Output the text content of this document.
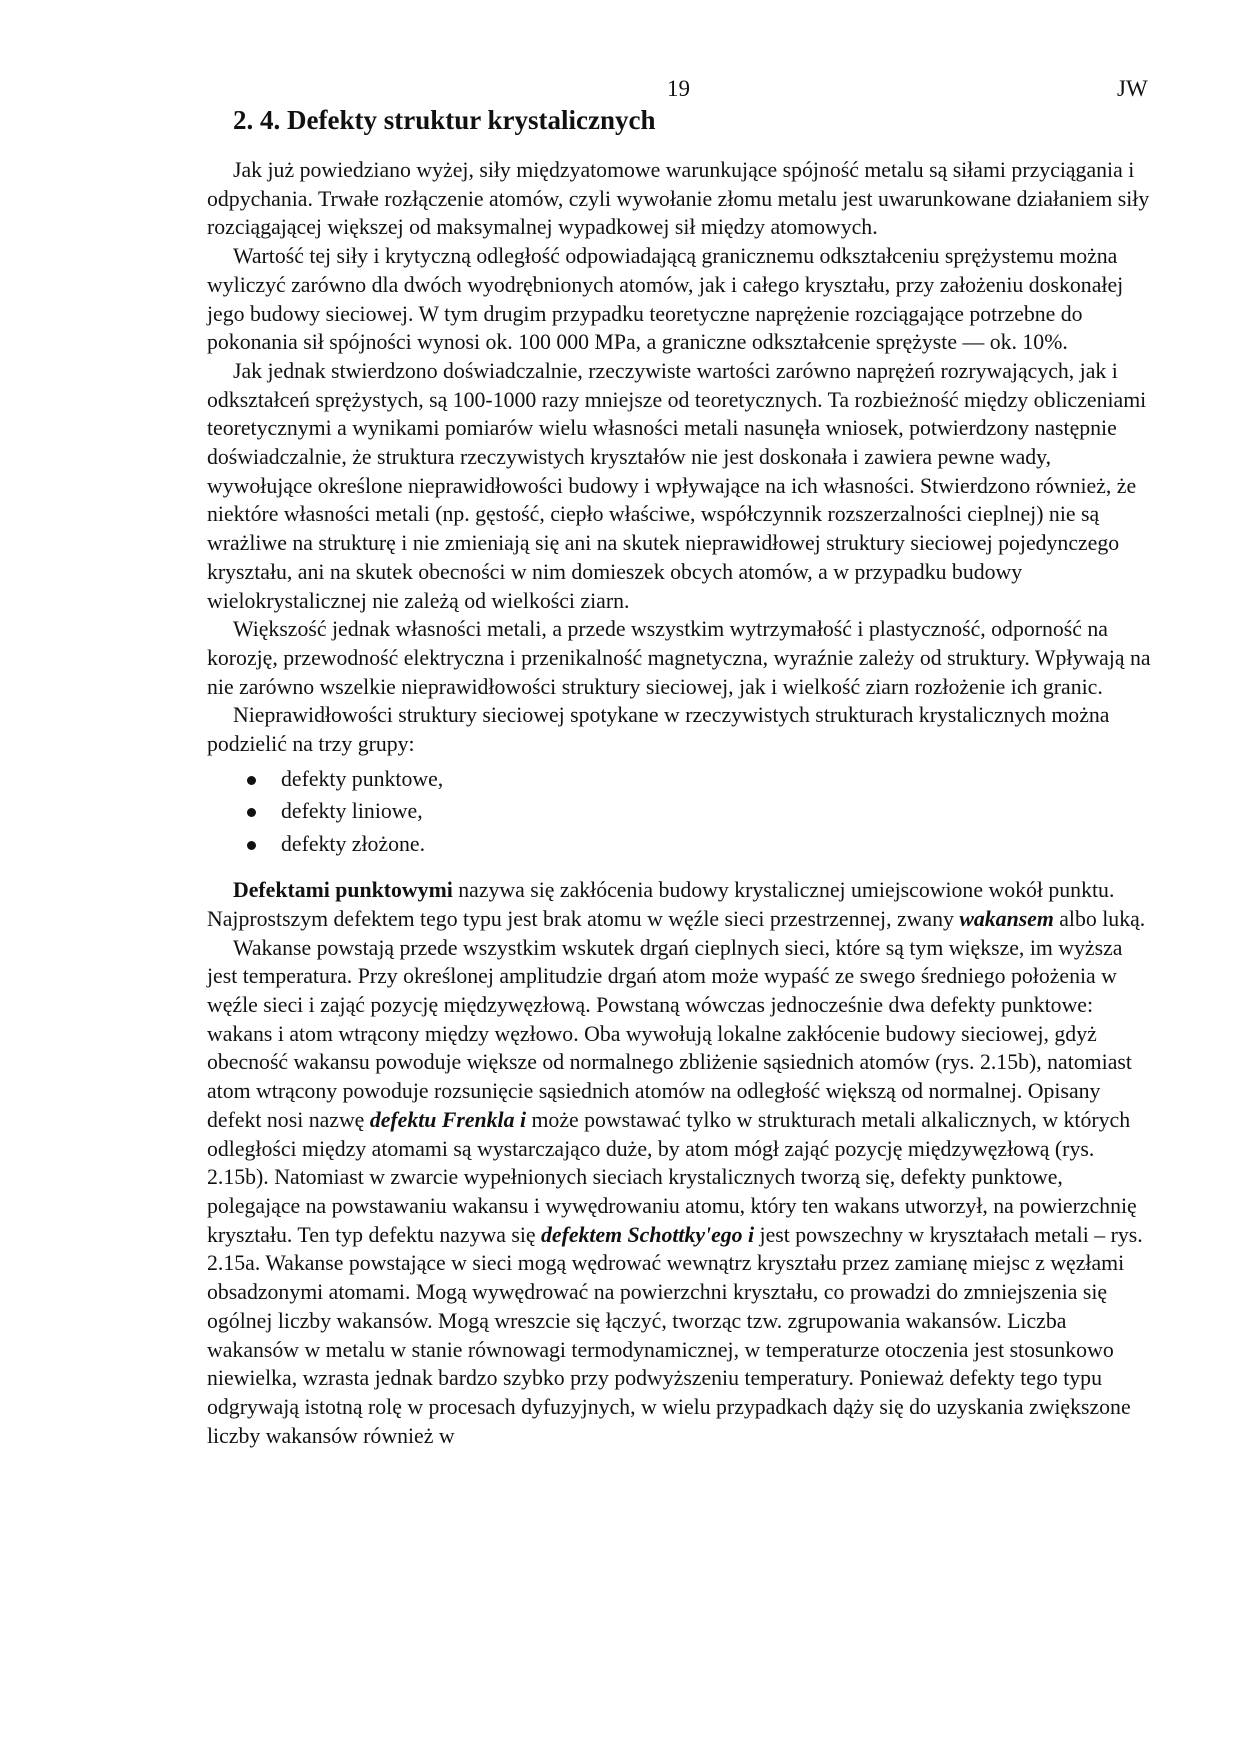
19	JW
2. 4. Defekty struktur krystalicznych

Jak już powiedziano wyżej, siły międzyatomowe warunkujące spójność metalu są siłami przyciągania i odpychania. Trwałe rozłączenie atomów, czyli wywołanie złomu metalu jest uwarunkowane działaniem siły rozciągającej większej od maksymalnej wypadkowej sił między atomowych.

Wartość tej siły i krytyczną odległość odpowiadającą granicznemu odkształceniu sprężystemu można wyliczyć zarówno dla dwóch wyodrębnionych atomów, jak i całego kryształu, przy założeniu doskonałej jego budowy sieciowej. W tym drugim przypadku teoretyczne naprężenie rozciągające potrzebne do pokonania sił spójności wynosi ok. 100 000 MPa, a graniczne odkształcenie sprężyste — ok. 10%.

Jak jednak stwierdzono doświadczalnie, rzeczywiste wartości zarówno naprężeń rozrywających, jak i odkształceń sprężystych, są 100-1000 razy mniejsze od teoretycznych. Ta rozbieżność między obliczeniami teoretycznymi a wynikami pomiarów wielu własności metali nasunęła wniosek, potwierdzony następnie doświadczalnie, że struktura rzeczywistych kryształów nie jest doskonała i zawiera pewne wady, wywołujące określone nieprawidłowości budowy i wpływające na ich własności. Stwierdzono również, że niektóre własności metali (np. gęstość, ciepło właściwe, współczynnik rozszerzalności cieplnej) nie są wrażliwe na strukturę i nie zmieniają się ani na skutek nieprawidłowej struktury sieciowej pojedynczego kryształu, ani na skutek obecności w nim domieszek obcych atomów, a w przypadku budowy wielokrystalicznej nie zależą od wielkości ziarn.

Większość jednak własności metali, a przede wszystkim wytrzymałość i plastyczność, odporność na korozję, przewodność elektryczna i przenikalność magnetyczna, wyraźnie zależy od struktury. Wpływają na nie zarówno wszelkie nieprawidłowości struktury sieciowej, jak i wielkość ziarn rozłożenie ich granic.

Nieprawidłowości struktury sieciowej spotykane w rzeczywistych strukturach krystalicznych można podzielić na trzy grupy:

defekty punktowe,
defekty liniowe,
defekty złożone.

Defektami punktowymi nazywa się zakłócenia budowy krystalicznej umiejscowione wokół punktu. Najprostszym defektem tego typu jest brak atomu w węźle sieci przestrzennej, zwany wakansem albo luką.

Wakanse powstają przede wszystkim wskutek drgań cieplnych sieci, które są tym większe, im wyższa jest temperatura. Przy określonej amplitudzie drgań atom może wypaść ze swego średniego położenia w węźle sieci i zająć pozycję międzywęzłową. Powstaną wówczas jednocześnie dwa defekty punktowe: wakans i atom wtrącony między węzłowo. Oba wywołują lokalne zakłócenie budowy sieciowej, gdyż obecność wakansu powoduje większe od normalnego zbliżenie sąsiednich atomów (rys. 2.15b), natomiast atom wtrącony powoduje rozsunięcie sąsiednich atomów na odległość większą od normalnej. Opisany defekt nosi nazwę defektu Frenkla i może powstawać tylko w strukturach metali alkalicznych, w których odległości między atomami są wystarczająco duże, by atom mógł zająć pozycję międzywęzłową (rys. 2.15b). Natomiast w zwarcie wypełnionych sieciach krystalicznych tworzą się, defekty punktowe, polegające na powstawaniu wakansu i wywędrowaniu atomu, który ten wakans utworzył, na powierzchnię kryształu. Ten typ defektu nazywa się defektem Schottky'ego i jest powszechny w kryształach metali – rys. 2.15a. Wakanse powstające w sieci mogą wędrować wewnątrz kryształu przez zamianę miejsc z węzłami obsadzonymi atomami. Mogą wywędrować na powierzchni kryształu, co prowadzi do zmniejszenia się ogólnej liczby wakansów. Mogą wreszcie się łączyć, tworząc tzw. zgrupowania wakansów. Liczba wakansów w metalu w stanie równowagi termodynamicznej, w temperaturze otoczenia jest stosunkowo niewielka, wzrasta jednak bardzo szybko przy podwyższeniu temperatury. Ponieważ defekty tego typu odgrywają istotną rolę w procesach dyfuzyjnych, w wielu przypadkach dąży się do uzyskania zwiększone liczby wakansów również w
